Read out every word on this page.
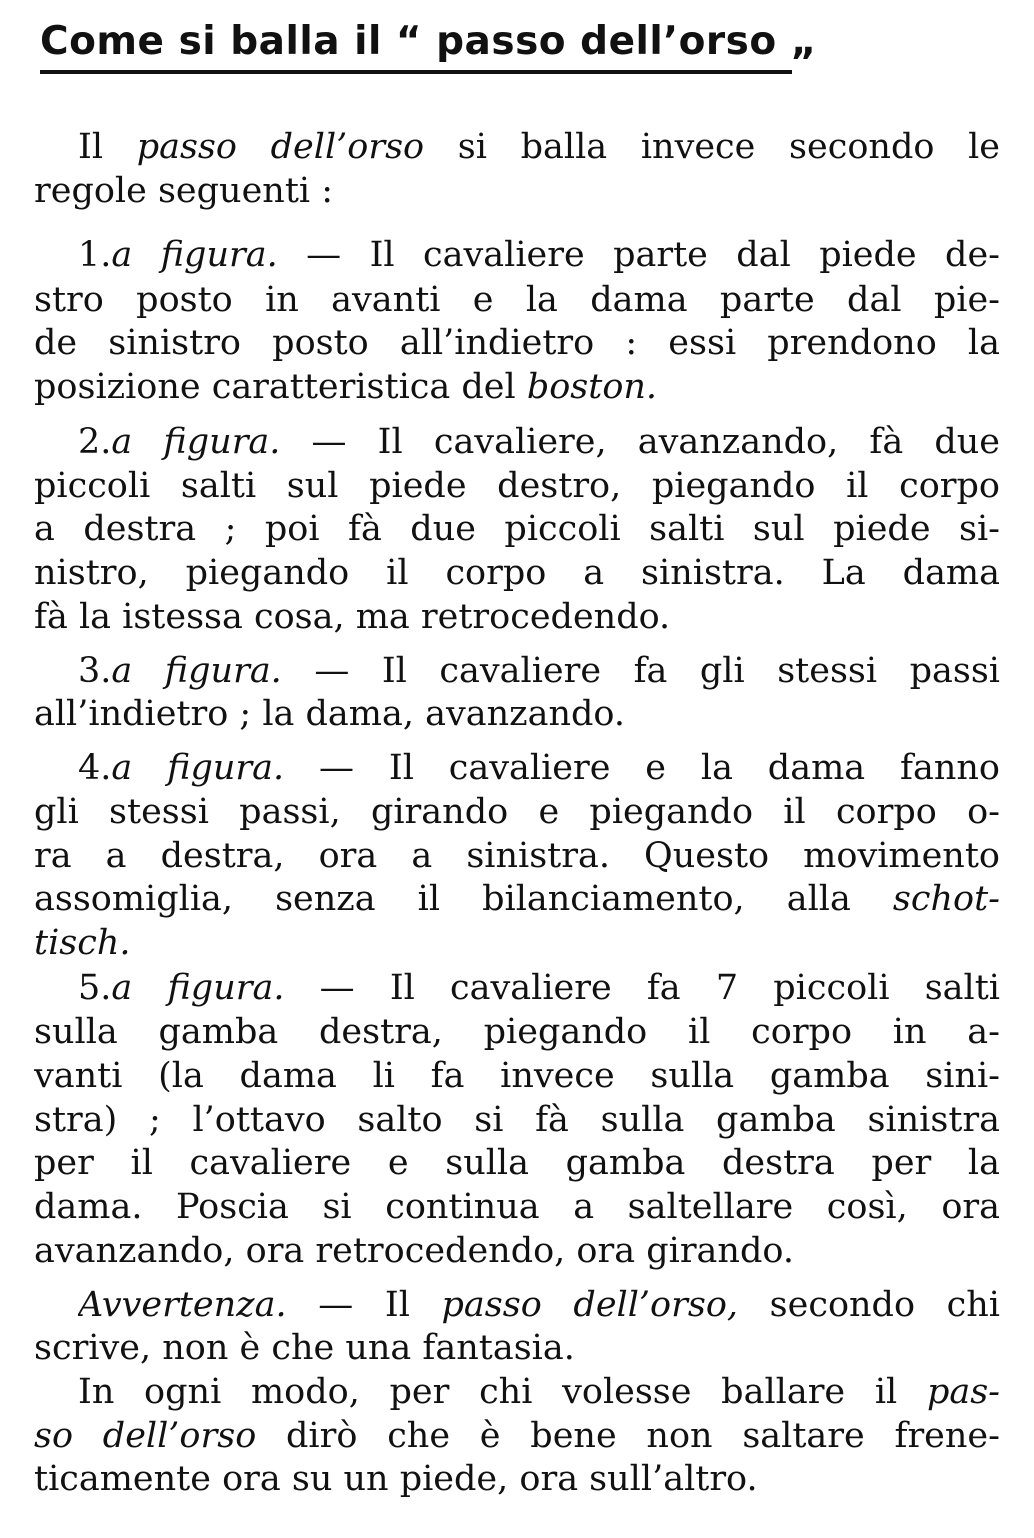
Come si balla il “ passo dell’orso „
Il passo dell’orso si balla invece secondo le
regole seguenti :
1.a figura. — Il cavaliere parte dal piede de-
stro posto in avanti e la dama parte dal pie-
de sinistro posto all’indietro : essi prendono la
posizione caratteristica del boston.
2.a figura. — Il cavaliere, avanzando, fà due
piccoli salti sul piede destro, piegando il corpo
a destra ; poi fà due piccoli salti sul piede si-
nistro, piegando il corpo a sinistra. La dama
fà la istessa cosa, ma retrocedendo.
3.a figura. — Il cavaliere fa gli stessi passi
all’indietro ; la dama, avanzando.
4.a figura. — Il cavaliere e la dama fanno
gli stessi passi, girando e piegando il corpo o-
ra a destra, ora a sinistra. Questo movimento
assomiglia, senza il bilanciamento, alla schot-
tisch.
5.a figura. — Il cavaliere fa 7 piccoli salti
sulla gamba destra, piegando il corpo in a-
vanti (la dama li fa invece sulla gamba sini-
stra) ; l’ottavo salto si fà sulla gamba sinistra
per il cavaliere e sulla gamba destra per la
dama. Poscia si continua a saltellare così, ora
avanzando, ora retrocedendo, ora girando.
Avvertenza. — Il passo dell’orso, secondo chi
scrive, non è che una fantasia.
In ogni modo, per chi volesse ballare il pas-
so dell’orso dirò che è bene non saltare frene-
ticamente ora su un piede, ora sull’altro.
